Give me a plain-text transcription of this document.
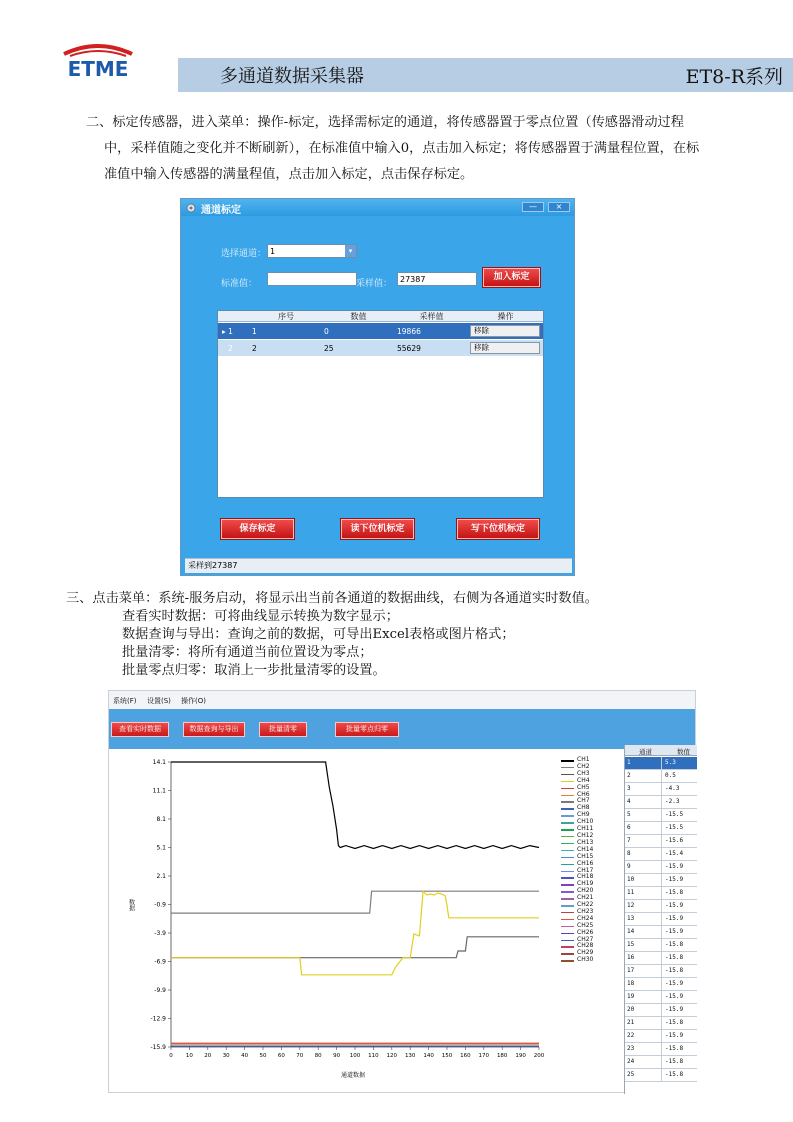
ETME	多通道数据采集器	ET8-R系列
二、标定传感器，进入菜单：操作-标定，选择需标定的通道，将传感器置于零点位置（传感器滑动过程
中，采样值随之变化并不断刷新），在标准值中输入0，点击加入标定；将传感器置于满量程位置，在标
准值中输入传感器的满量程值，点击加入标定，点击保存标定。
通道标定	—	×
选择通道： 1	▾
标准值：	采样值： 27387	加入标定
序号	数值	采样值	操作
▸ 1	1	0	19866	移除
2	2	25	55629	移除
保存标定	读下位机标定	写下位机标定
采样到27387
三、点击菜单：系统-服务启动，将显示出当前各通道的数据曲线，右侧为各通道实时数值。
查看实时数据：可将曲线显示转换为数字显示；
数据查询与导出：查询之前的数据，可导出Excel表格或图片格式；
批量清零：将所有通道当前位置设为零点；
批量零点归零：取消上一步批量清零的设置。
系统(F) 设置(S) 操作(O)
查看实时数据	数据查询与导出	批量清零	批量零点归零
14.1
11.1
8.1
5.1
2.1
-0.9
-3.9
-6.9
-9.9
-12.9
-15.9
0 10 20 30 40 50 60 70 80 90 100 110 120 130 140 150 160 170 180 190 200
数据
通道数据
CH1
CH2
CH3
CH4
CH5
CH6
CH7
CH8
CH9
CH10
CH11
CH12
CH13
CH14
CH15
CH16
CH17
CH18
CH19
CH20
CH21
CH22
CH23
CH24
CH25
CH26
CH27
CH28
CH29
CH30
通道	数值
1	5.3
2	0.5
3	-4.3
4	-2.3
5	-15.5
6	-15.5
7	-15.6
8	-15.4
9	-15.9
10	-15.9
11	-15.8
12	-15.9
13	-15.9
14	-15.9
15	-15.8
16	-15.8
17	-15.8
18	-15.9
19	-15.9
20	-15.9
21	-15.8
22	-15.9
23	-15.8
24	-15.8
25	-15.8
